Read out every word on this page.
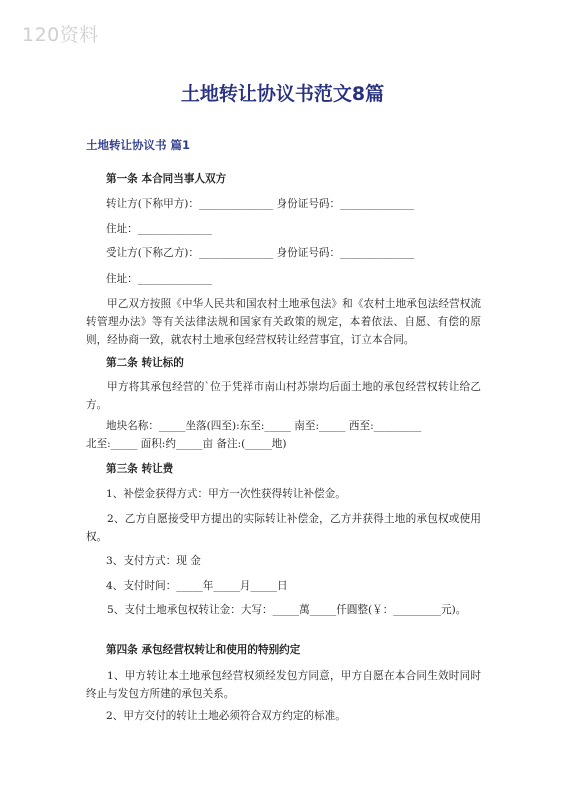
120资料
土地转让协议书范文8篇
土地转让协议书 篇1
第一条 本合同当事人双方
转让方(下称甲方)：______________ 身份证号码：______________
住址：______________
受让方(下称乙方)：______________ 身份证号码：______________
住址：______________
甲乙双方按照《中华人民共和国农村土地承包法》和《农村土地承包法经营权流转管理办法》等有关法律法规和国家有关政策的规定，本着依法、自愿、有偿的原则，经协商一致，就农村土地承包经营权转让经营事宜，订立本合同。
第二条 转让标的
甲方将其承包经营的`位于凭祥市南山村苏崇均后面土地的承包经营权转让给乙方。
地块名称：_____坐落(四至):东至:_____ 南至:_____ 西至:_________
北至:_____ 面积:约_____亩 备注:(_____地)
第三条 转让费
1、补偿金获得方式：甲方一次性获得转让补偿金。
2、乙方自愿接受甲方提出的实际转让补偿金，乙方并获得土地的承包权或使用权。
3、支付方式：现 金
4、支付时间：_____年_____月_____日
5、支付土地承包权转让金：大写：_____萬_____仟圓整(￥：_________元)。
第四条 承包经营权转让和使用的特别约定
1、甲方转让本土地承包经营权须经发包方同意，甲方自愿在本合同生效时同时终止与发包方所建的承包关系。
2、甲方交付的转让土地必须符合双方约定的标准。
